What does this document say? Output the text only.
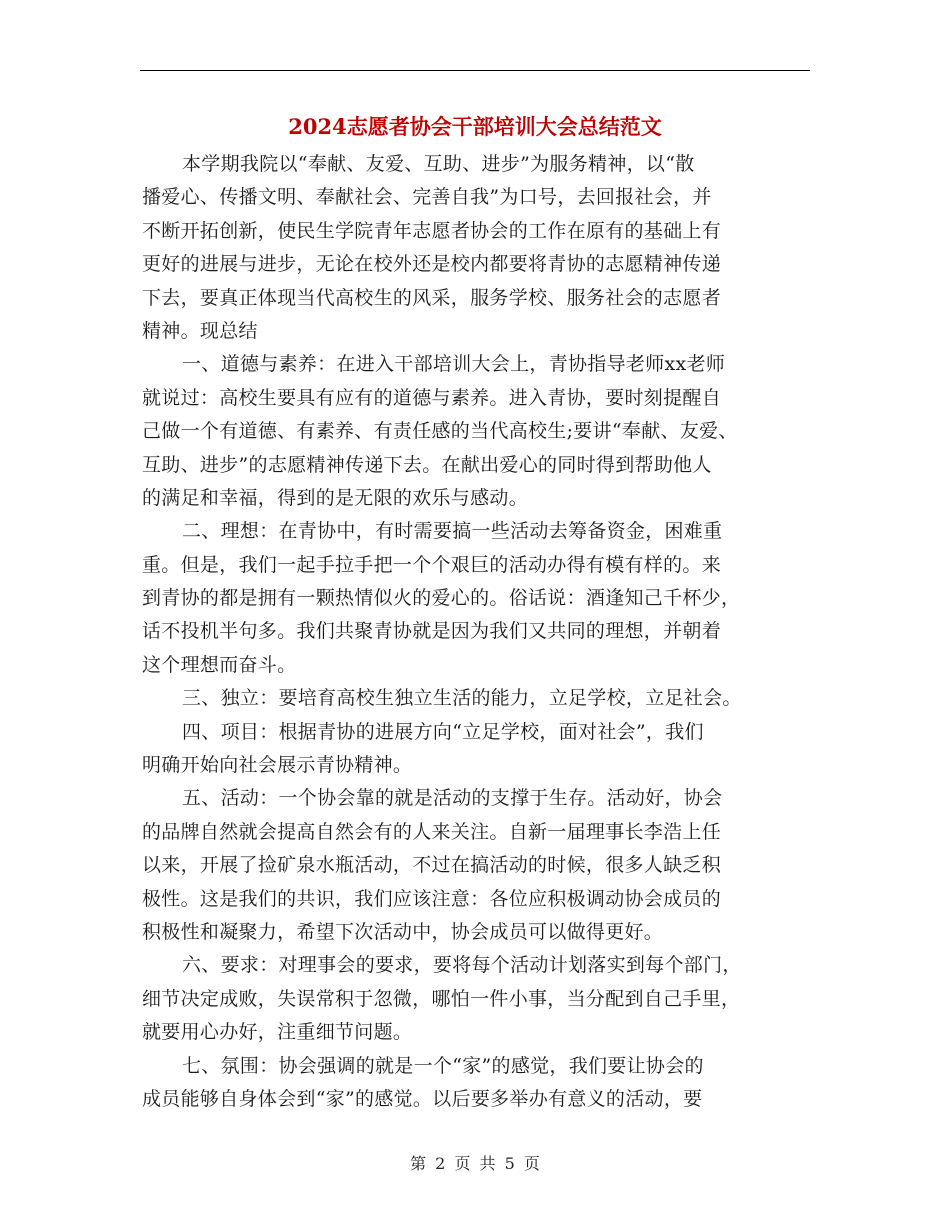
2024志愿者协会干部培训大会总结范文
本学期我院以“奉献、友爱、互助、进步”为服务精神，以“散
播爱心、传播文明、奉献社会、完善自我”为口号，去回报社会，并
不断开拓创新，使民生学院青年志愿者协会的工作在原有的基础上有
更好的进展与进步，无论在校外还是校内都要将青协的志愿精神传递
下去，要真正体现当代高校生的风采，服务学校、服务社会的志愿者
精神。现总结
一、道德与素养：在进入干部培训大会上，青协指导老师xx老师
就说过：高校生要具有应有的道德与素养。进入青协，要时刻提醒自
己做一个有道德、有素养、有责任感的当代高校生;要讲“奉献、友爱、
互助、进步”的志愿精神传递下去。在献出爱心的同时得到帮助他人
的满足和幸福，得到的是无限的欢乐与感动。
二、理想：在青协中，有时需要搞一些活动去筹备资金，困难重
重。但是，我们一起手拉手把一个个艰巨的活动办得有模有样的。来
到青协的都是拥有一颗热情似火的爱心的。俗话说：酒逢知己千杯少，
话不投机半句多。我们共聚青协就是因为我们又共同的理想，并朝着
这个理想而奋斗。
三、独立：要培育高校生独立生活的能力，立足学校，立足社会。
四、项目：根据青协的进展方向“立足学校，面对社会”，我们
明确开始向社会展示青协精神。
五、活动：一个协会靠的就是活动的支撑于生存。活动好，协会
的品牌自然就会提高自然会有的人来关注。自新一届理事长李浩上任
以来，开展了捡矿泉水瓶活动，不过在搞活动的时候，很多人缺乏积
极性。这是我们的共识，我们应该注意：各位应积极调动协会成员的
积极性和凝聚力，希望下次活动中，协会成员可以做得更好。
六、要求：对理事会的要求，要将每个活动计划落实到每个部门，
细节决定成败，失误常积于忽微，哪怕一件小事，当分配到自己手里，
就要用心办好，注重细节问题。
七、氛围：协会强调的就是一个“家”的感觉，我们要让协会的
成员能够自身体会到“家”的感觉。以后要多举办有意义的活动，要
第 2 页 共 5 页
